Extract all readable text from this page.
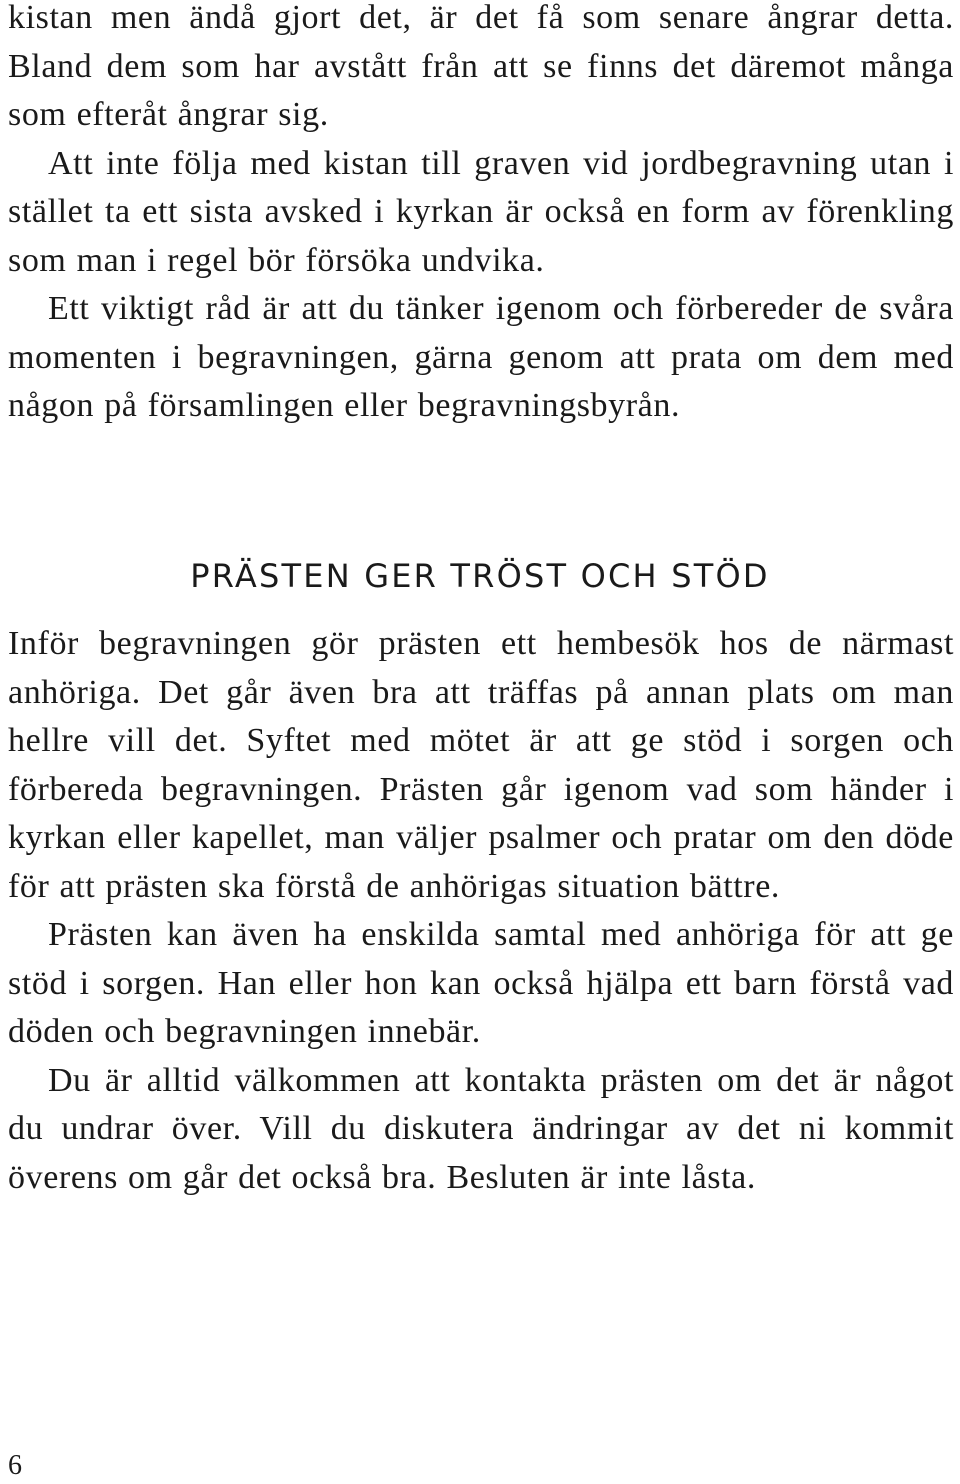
kistan men ändå gjort det, är det få som senare ångrar detta. Bland dem som har avstått från att se finns det däremot många som efteråt ångrar sig.

Att inte följa med kistan till graven vid jordbegravning utan i stället ta ett sista avsked i kyrkan är också en form av förenkling som man i regel bör försöka undvika.

Ett viktigt råd är att du tänker igenom och förbereder de svåra momenten i begravningen, gärna genom att prata om dem med någon på församlingen eller begravningsbyrån.

PRÄSTEN GER TRÖST OCH STÖD

Inför begravningen gör prästen ett hembesök hos de närmast anhöriga. Det går även bra att träffas på annan plats om man hellre vill det. Syftet med mötet är att ge stöd i sorgen och förbereda begravningen. Prästen går igenom vad som händer i kyrkan eller kapellet, man väljer psalmer och pratar om den döde för att prästen ska förstå de anhörigas situation bättre.

Prästen kan även ha enskilda samtal med anhöriga för att ge stöd i sorgen. Han eller hon kan också hjälpa ett barn förstå vad döden och begravningen innebär.

Du är alltid välkommen att kontakta prästen om det är något du undrar över. Vill du diskutera ändringar av det ni kommit överens om går det också bra. Besluten är inte låsta.

6
